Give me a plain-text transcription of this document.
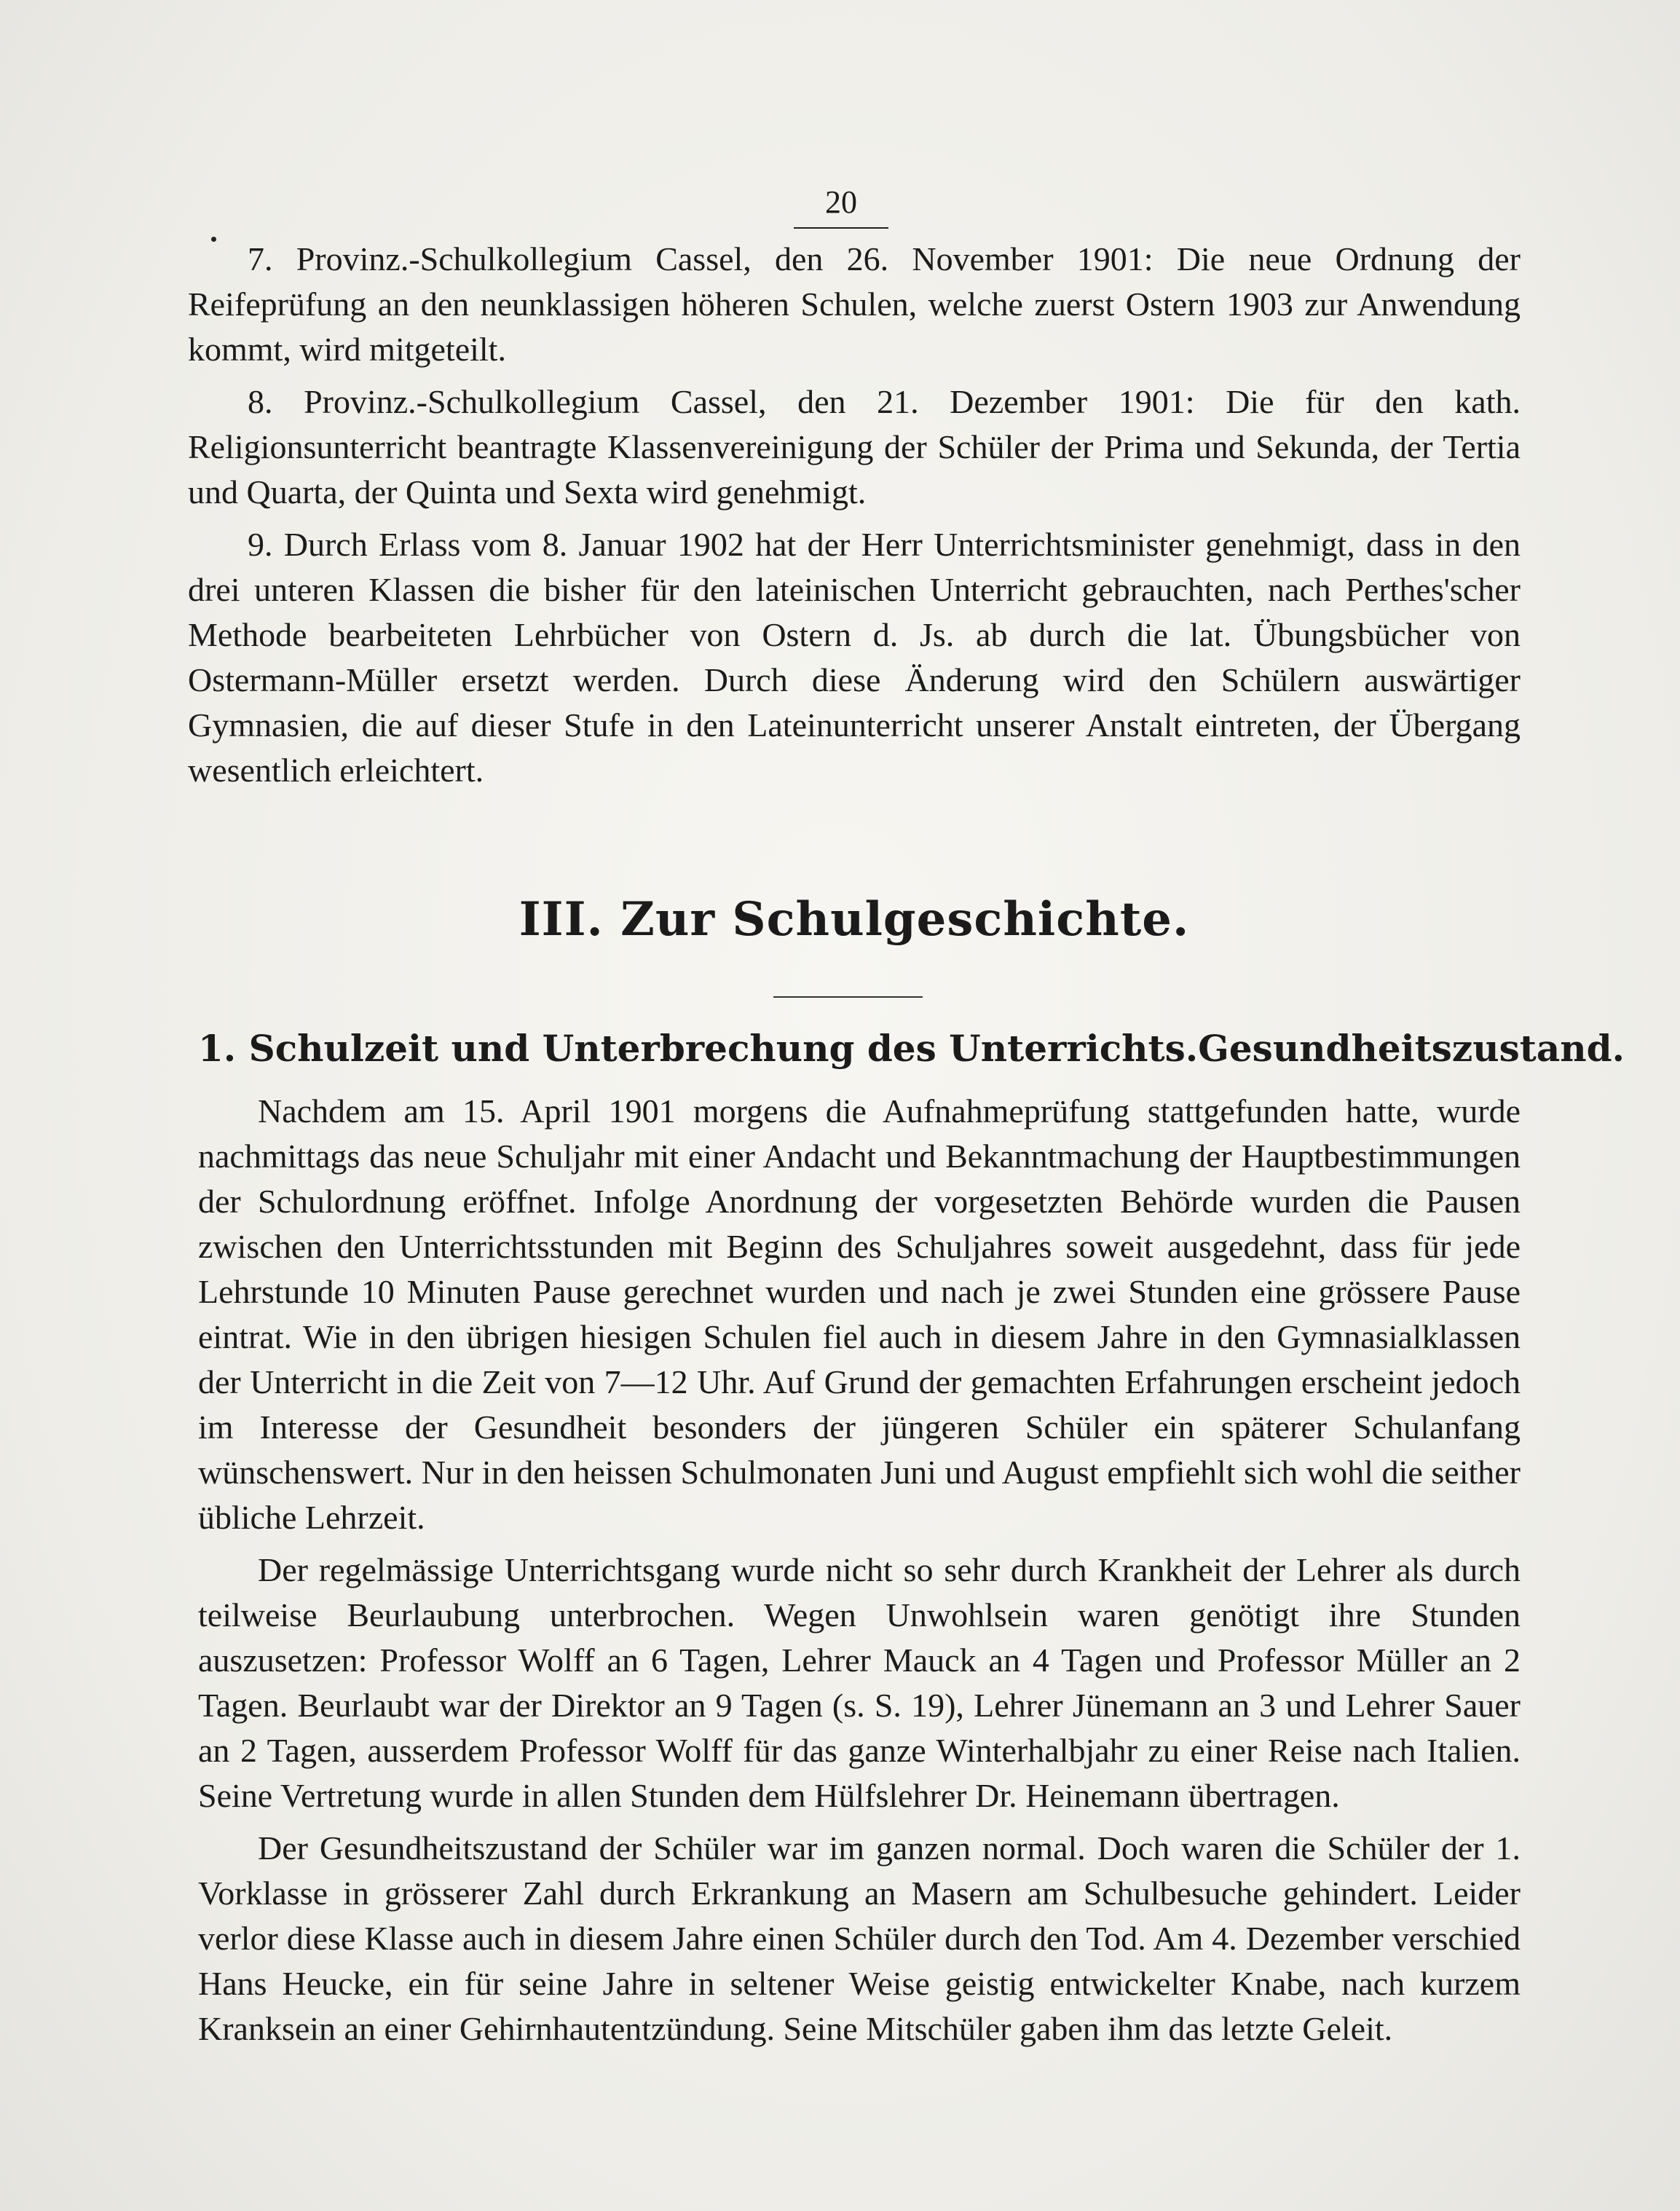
20

7. Provinz.-Schulkollegium Cassel, den 26. November 1901: Die neue Ordnung der Reifeprüfung an den neunklassigen höheren Schulen, welche zuerst Ostern 1903 zur Anwendung kommt, wird mitgeteilt.

8. Provinz.-Schulkollegium Cassel, den 21. Dezember 1901: Die für den kath. Religionsunterricht beantragte Klassenvereinigung der Schüler der Prima und Sekunda, der Tertia und Quarta, der Quinta und Sexta wird genehmigt.

9. Durch Erlass vom 8. Januar 1902 hat der Herr Unterrichtsminister genehmigt, dass in den drei unteren Klassen die bisher für den lateinischen Unterricht gebrauchten, nach Perthes'scher Methode bearbeiteten Lehrbücher von Ostern d. Js. ab durch die lat. Übungsbücher von Ostermann-Müller ersetzt werden. Durch diese Änderung wird den Schülern auswärtiger Gymnasien, die auf dieser Stufe in den Lateinunterricht unserer Anstalt eintreten, der Übergang wesentlich erleichtert.

III. Zur Schulgeschichte.
1. Schulzeit und Unterbrechung des Unterrichts. Gesundheitszustand.

Nachdem am 15. April 1901 morgens die Aufnahmeprüfung stattgefunden hatte, wurde nachmittags das neue Schuljahr mit einer Andacht und Bekanntmachung der Hauptbestimmungen der Schulordnung eröffnet. Infolge Anordnung der vorgesetzten Behörde wurden die Pausen zwischen den Unterrichtsstunden mit Beginn des Schuljahres soweit ausgedehnt, dass für jede Lehrstunde 10 Minuten Pause gerechnet wurden und nach je zwei Stunden eine grössere Pause eintrat. Wie in den übrigen hiesigen Schulen fiel auch in diesem Jahre in den Gymnasialklassen der Unterricht in die Zeit von 7—12 Uhr. Auf Grund der gemachten Erfahrungen erscheint jedoch im Interesse der Gesundheit besonders der jüngeren Schüler ein späterer Schulanfang wünschenswert. Nur in den heissen Schulmonaten Juni und August empfiehlt sich wohl die seither übliche Lehrzeit.

Der regelmässige Unterrichtsgang wurde nicht so sehr durch Krankheit der Lehrer als durch teilweise Beurlaubung unterbrochen. Wegen Unwohlsein waren genötigt ihre Stunden auszusetzen: Professor Wolff an 6 Tagen, Lehrer Mauck an 4 Tagen und Professor Müller an 2 Tagen. Beurlaubt war der Direktor an 9 Tagen (s. S. 19), Lehrer Jünemann an 3 und Lehrer Sauer an 2 Tagen, ausserdem Professor Wolff für das ganze Winterhalbjahr zu einer Reise nach Italien. Seine Vertretung wurde in allen Stunden dem Hülfslehrer Dr. Heinemann übertragen.

Der Gesundheitszustand der Schüler war im ganzen normal. Doch waren die Schüler der 1. Vorklasse in grösserer Zahl durch Erkrankung an Masern am Schulbesuche gehindert. Leider verlor diese Klasse auch in diesem Jahre einen Schüler durch den Tod. Am 4. Dezember verschied Hans Heucke, ein für seine Jahre in seltener Weise geistig entwickelter Knabe, nach kurzem Kranksein an einer Gehirnhautentzündung. Seine Mitschüler gaben ihm das letzte Geleit.
